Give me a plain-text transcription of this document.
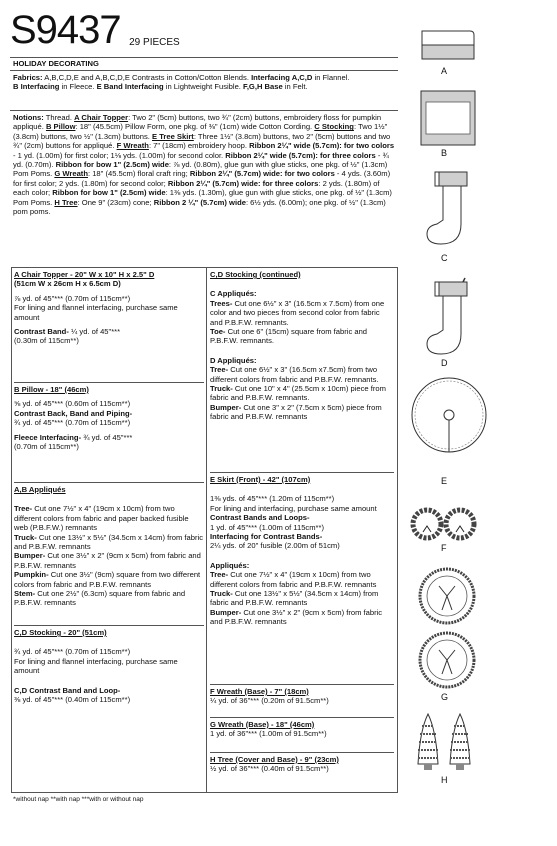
S9437 29 PIECES
HOLIDAY DECORATING
Fabrics: A,B,C,D,E and A,B,C,D,E Contrasts in Cotton/Cotton Blends. Interfacing A,C,D in Flannel.
B Interfacing in Fleece. E Band Interfacing in Lightweight Fusible. F,G,H Base in Felt.
Notions: Thread. A Chair Topper: Two 2" (5cm) buttons, two ¾" (2cm) buttons, embroidery floss for pumpkin appliqué. B Pillow: 18" (45.5cm) Pillow Form, one pkg. of ⅜" (1cm) wide Cotton Cording. C Stocking: Two 1½" (3.8cm) buttons, two ½" (1.3cm) buttons. E Tree Skirt: Three 1½" (3.8cm) buttons, two 2" (5cm) buttons and two ¾" (2cm) buttons for appliqué. F Wreath: 7" (18cm) embroidery hoop. Ribbon 2¼" wide (5.7cm): for two colors - 1 yd. (1.00m) for first color; 1⅛ yds. (1.00m) for second color. Ribbon 2¼" wide (5.7cm): for three colors - ¾ yd. (0.70m). Ribbon for bow 1" (2.5cm) wide: ⅞ yd. (0.80m), glue gun with glue sticks, one pkg. of ½" (1.3cm) Pom Poms. G Wreath: 18" (45.5cm) floral craft ring; Ribbon 2¼" (5.7cm) wide: for two colors - 4 yds. (3.60m) for first color; 2 yds. (1.80m) for second color; Ribbon 2¼" (5.7cm) wide: for three colors: 2 yds. (1.80m) of each color; Ribbon for bow 1" (2.5cm) wide: 1⅜ yds. (1.30m), glue gun with glue sticks, one pkg. of ½" (1.3cm) Pom Poms. H Tree: One 9" (23cm) cone; Ribbon 2 ¼" (5.7cm) wide: 6½ yds. (6.00m); one pkg. of ½" (1.3cm) pom poms.

A Chair Topper - 20" W x 10" H x 2.5" D

(51cm W x 26cm H x 6.5cm D)

⅞ yd. of 45"*** (0.70m of 115cm**)

For lining and flannel interfacing, purchase same amount

Contrast Band- ¼ yd. of 45"***

(0.30m of 115cm**)

B Pillow - 18" (46cm)

⅝ yd. of 45"*** (0.60m of 115cm**)

Contrast Back, Band and Piping-

¾ yd. of 45"*** (0.70m of 115cm**)

Fleece Interfacing- ¾ yd. of 45"***

(0.70m of 115cm**)

A,B Appliqués

Tree- Cut one 7½" x 4" (19cm x 10cm) from two different colors from fabric and paper backed fusible web (P.B.F.W.) remnants

Truck- Cut one 13½" x 5½" (34.5cm x 14cm) from fabric and P.B.F.W. remnants

Bumper- Cut one 3½" x 2" (9cm x 5cm) from fabric and P.B.F.W. remnants

Pumpkin- Cut one 3½" (9cm) square from two different colors from fabric and P.B.F.W. remnants

Stem- Cut one 2½" (6.3cm) square from fabric and P.B.F.W. remnants

C,D Stocking - 20" (51cm)

¾ yd. of 45"*** (0.70m of 115cm**)

For lining and flannel interfacing, purchase same amount

C,D Contrast Band and Loop-

⅜ yd. of 45"*** (0.40m of 115cm**)

C,D Stocking (continued)

C Appliqués:

Trees- Cut one 6½" x 3" (16.5cm x 7.5cm) from one color and two pieces from second color from fabric and P.B.F.W. remnants.

Toe- Cut one 6" (15cm) square from fabric and P.B.F.W. remnants.

D Appliqués:

Tree- Cut one 6½" x 3" (16.5cm x7.5cm) from two different colors from fabric and P.B.F.W. remnants.

Truck- Cut one 10" x 4" (25.5cm x 10cm) piece from fabric and P.B.F.W. remnants.

Bumper- Cut one 3" x 2" (7.5cm x 5cm) piece from fabric and P.B.F.W. remnants

E Skirt (Front) - 42" (107cm)

1⅜ yds. of 45"*** (1.20m of 115cm**)

For lining and interfacing, purchase same amount

Contrast Bands and Loops-

1 yd. of 45"*** (1.00m of 115cm**)

Interfacing for Contrast Bands-

2¼ yds. of 20" fusible (2.00m of 51cm)

Appliqués:

Tree- Cut one 7½" x 4" (19cm x 10cm) from two different colors from fabric and P.B.F.W. remnants

Truck- Cut one 13½" x 5½" (34.5cm x 14cm) from fabric and P.B.F.W. remnants

Bumper- Cut one 3½" x 2" (9cm x 5cm) from fabric and P.B.F.W. remnants

F Wreath (Base) - 7" (18cm)

¼ yd. of 36"*** (0.20m of 91.5cm**)

G Wreath (Base) - 18" (46cm)

1 yd. of 36"*** (1.00m of 91.5cm**)

H Tree (Cover and Base) - 9" (23cm)

½ yd. of 36"*** (0.40m of 91.5cm**)

*without nap **with nap ***with or without nap
A
B
C
D
E
F
G
H
